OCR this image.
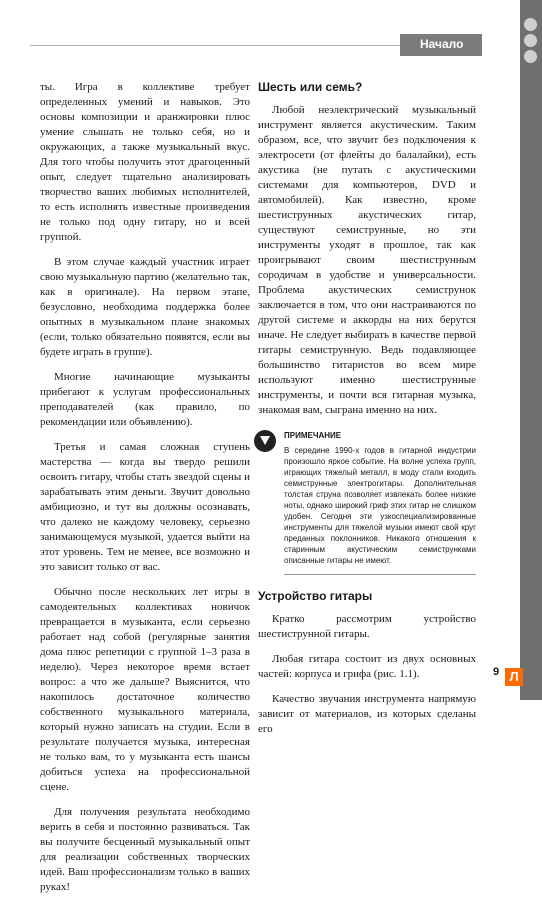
Начало

ты. Игра в коллективе требует определенных умений и навыков. Это основы композиции и аранжировки плюс умение слышать не только себя, но и окружающих, а также музыкальный вкус. Для того чтобы получить этот драгоценный опыт, следует тщательно анализировать творчество ваших любимых исполнителей, то есть исполнять известные произведения не только под одну гитару, но и всей группой.

В этом случае каждый участник играет свою музыкальную партию (желательно так, как в оригинале). На первом этапе, безусловно, необходима поддержка более опытных в музыкальном плане знакомых (если, только обязательно появятся, если вы будете играть в группе).

Многие начинающие музыканты прибегают к услугам профессиональных преподавателей (как правило, по рекомендации или объявлению).

Третья и самая сложная ступень мастерства — когда вы твердо решили освоить гитару, чтобы стать звездой сцены и зарабатывать этим деньги. Звучит довольно амбициозно, и тут вы должны осознавать, что далеко не каждому человеку, серьезно занимающемуся музыкой, удается выйти на этот уровень. Тем не менее, все возможно и это зависит только от вас.

Обычно после нескольких лет игры в самодеятельных коллективах новичок превращается в музыканта, если серьезно работает над собой (регулярные занятия дома плюс репетиции с группой 1–3 раза в неделю). Через некоторое время встает вопрос: а что же дальше? Выяснится, что накопилось достаточное количество собственного музыкального материала, который нужно записать на студии. Если в результате получается музыка, интересная не только вам, то у музыканта есть шансы добиться успеха на профессиональной сцене.

Для получения результата необходимо верить в себя и постоянно развиваться. Так вы получите бесценный музыкальный опыт для реализации собственных творческих идей. Ваш профессионализм только в ваших руках!

Шесть или семь?

Любой неэлектрический музыкальный инструмент является акустическим. Таким образом, все, что звучит без подключения к электросети (от флейты до балалайки), есть акустика (не путать с акустическими системами для компьютеров, DVD и автомобилей). Как известно, кроме шестиструнных акустических гитар, существуют семиструнные, но эти инструменты уходят в прошлое, так как проигрывают своим шестиструнным сородичам в удобстве и универсальности. Проблема акустических семиструнок заключается в том, что они настраиваются по другой системе и аккорды на них берутся иначе. Не следует выбирать в качестве первой гитары семиструнную. Ведь подавляющее большинство гитаристов во всем мире используют именно шестиструнные инструменты, и почти вся гитарная музыка, знакомая вам, сыграна именно на них.

ПРИМЕЧАНИЕ
В середине 1990-х годов в гитарной индустрии произошло яркое событие. На волне успеха групп, играющих тяжелый металл, в моду стали входить семиструнные электрогитары. Дополнительная толстая струна позволяет извлекать более низкие ноты, однако широкий гриф этих гитар не слишком удобен. Сегодня эти узкоспециализированные инструменты для тяжелой музыки имеют свой круг преданных поклонников. Никакого отношения к старинным акустическим семиструнками описанные гитары не имеют.
Устройство гитары

Кратко рассмотрим устройство шестиструнной гитары.

Любая гитара состоит из двух основных частей: корпуса и грифа (рис. 1.1).

Качество звучания инструмента напрямую зависит от материалов, из которых сделаны его

9 Л
